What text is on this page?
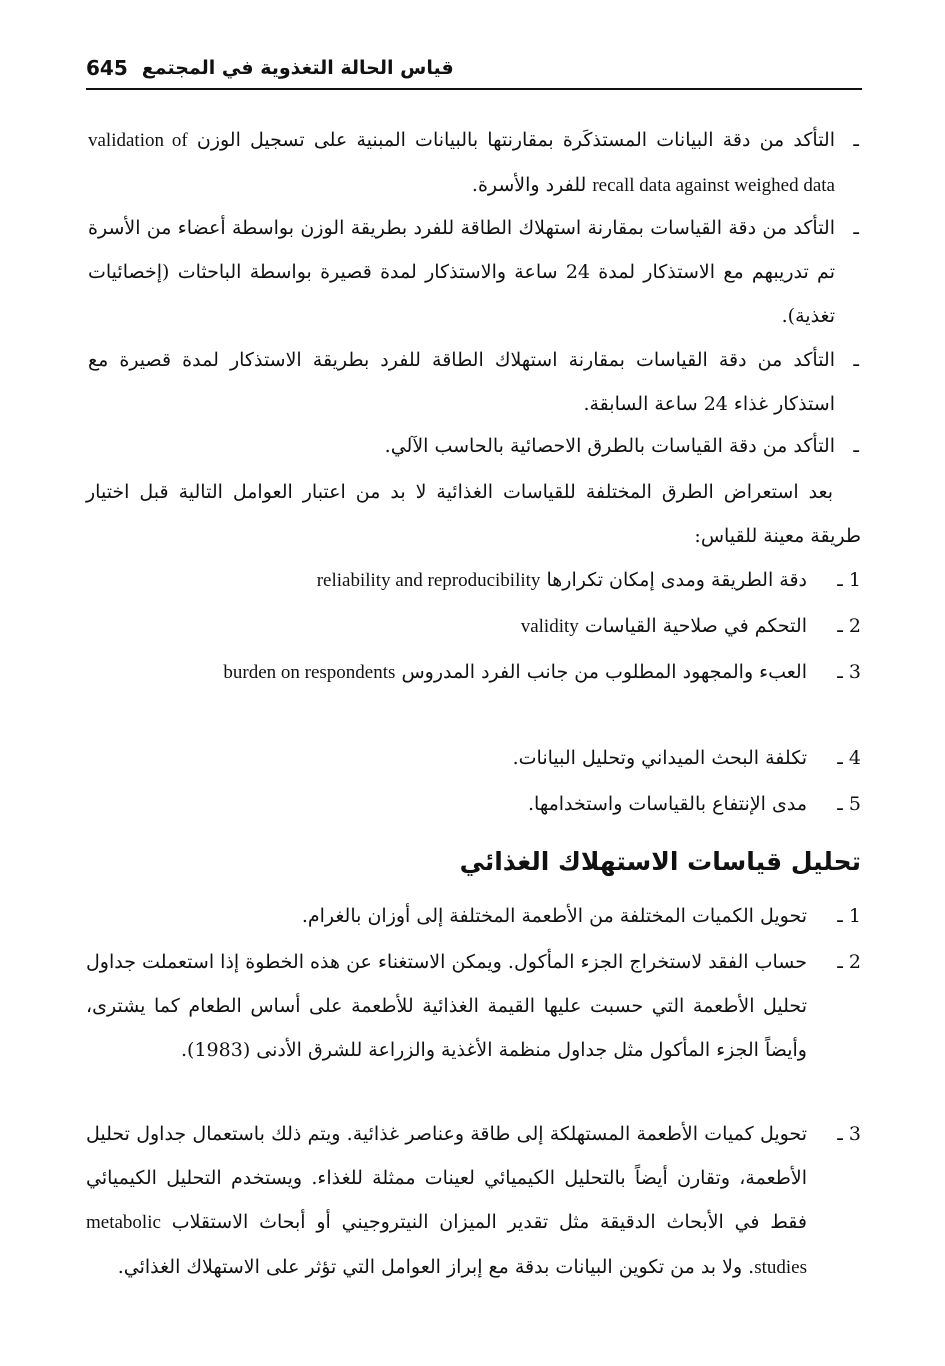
قياس الحالة التغذوية في المجتمع
645
ـ
التأكد من دقة البيانات المستذكَرة بمقارنتها بالبيانات المبنية على تسجيل الوزن validation of recall data against weighed data للفرد والأسرة.
ـ
التأكد من دقة القياسات بمقارنة استهلاك الطاقة للفرد بطريقة الوزن بواسطة أعضاء من الأسرة تم تدريبهم مع الاستذكار لمدة 24 ساعة والاستذكار لمدة قصيرة بواسطة الباحثات (إخصائيات تغذية).
ـ
التأكد من دقة القياسات بمقارنة استهلاك الطاقة للفرد بطريقة الاستذكار لمدة قصيرة مع استذكار غذاء 24 ساعة السابقة.
ـ
التأكد من دقة القياسات بالطرق الاحصائية بالحاسب الآلي.
بعد استعراض الطرق المختلفة للقياسات الغذائية لا بد من اعتبار العوامل التالية قبل اختيار طريقة معينة للقياس:
1 ـ
دقة الطريقة ومدى إمكان تكرارها reliability and reproducibility
2 ـ
التحكم في صلاحية القياسات validity
3 ـ
العبء والمجهود المطلوب من جانب الفرد المدروس burden on respondents
4 ـ
تكلفة البحث الميداني وتحليل البيانات.
5 ـ
مدى الإنتفاع بالقياسات واستخدامها.
تحليل قياسات الاستهلاك الغذائي
1 ـ
تحويل الكميات المختلفة من الأطعمة المختلفة إلى أوزان بالغرام.
2 ـ
حساب الفقد لاستخراج الجزء المأكول. ويمكن الاستغناء عن هذه الخطوة إذا استعملت جداول تحليل الأطعمة التي حسبت عليها القيمة الغذائية للأطعمة على أساس الطعام كما يشترى، وأيضاً الجزء المأكول مثل جداول منظمة الأغذية والزراعة للشرق الأدنى (1983).
3 ـ
تحويل كميات الأطعمة المستهلكة إلى طاقة وعناصر غذائية. ويتم ذلك باستعمال جداول تحليل الأطعمة، وتقارن أيضاً بالتحليل الكيميائي لعينات ممثلة للغذاء. ويستخدم التحليل الكيميائي فقط في الأبحاث الدقيقة مثل تقدير الميزان النيتروجيني أو أبحاث الاستقلاب metabolic studies. ولا بد من تكوين البيانات بدقة مع إبراز العوامل التي تؤثر على الاستهلاك الغذائي.
